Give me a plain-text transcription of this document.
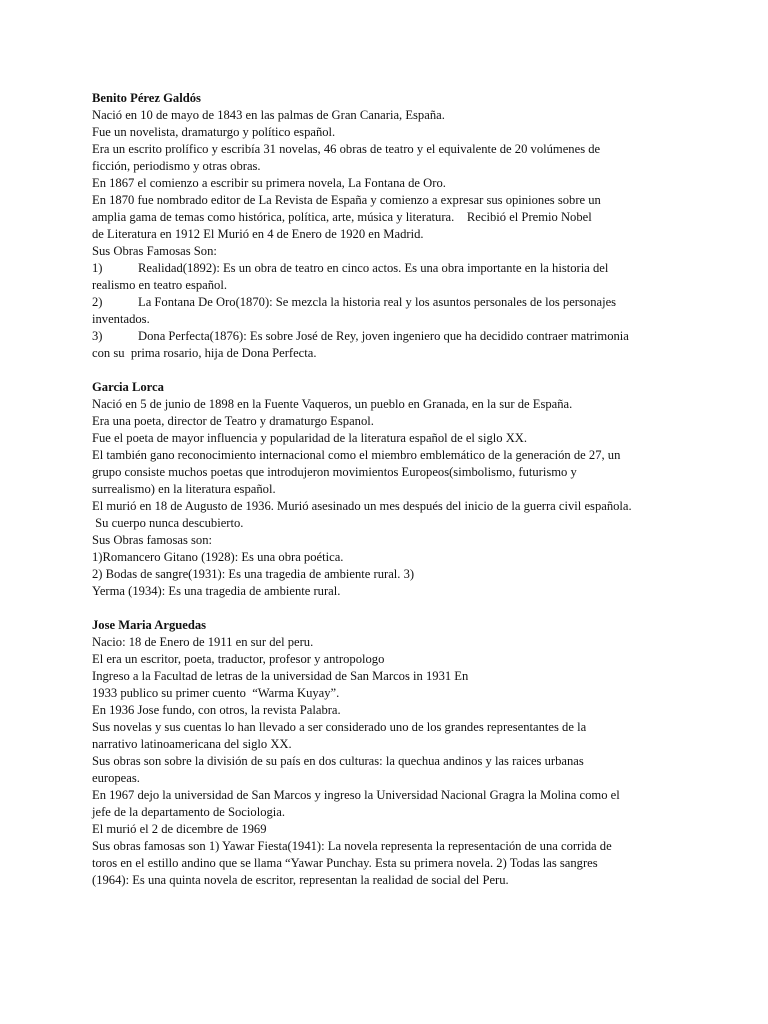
Benito Pérez Galdós
Nació en 10 de mayo de 1843 en las palmas de Gran Canaria, España.
Fue un novelista, dramaturgo y político español.
Era un escrito prolífico y escribía 31 novelas, 46 obras de teatro y el equivalente de 20 volúmenes de
ficción, periodismo y otras obras.
En 1867 el comienzo a escribir su primera novela, La Fontana de Oro.
En 1870 fue nombrado editor de La Revista de España y comienzo a expresar sus opiniones sobre un
amplia gama de temas como histórica, política, arte, música y literatura.    Recibió el Premio Nobel
de Literatura en 1912 El Murió en 4 de Enero de 1920 en Madrid.
Sus Obras Famosas Son:
1)	Realidad(1892): Es un obra de teatro en cinco actos. Es una obra importante en la historia del
realismo en teatro español.
2)	La Fontana De Oro(1870): Se mezcla la historia real y los asuntos personales de los personajes
inventados.
3)	Dona Perfecta(1876): Es sobre José de Rey, joven ingeniero que ha decidido contraer matrimonia
con su  prima rosario, hija de Dona Perfecta.
Garcia Lorca
Nació en 5 de junio de 1898 en la Fuente Vaqueros, un pueblo en Granada, en la sur de España.
Era una poeta, director de Teatro y dramaturgo Espanol.
Fue el poeta de mayor influencia y popularidad de la literatura español de el siglo XX.
El también gano reconocimiento internacional como el miembro emblemático de la generación de 27, un
grupo consiste muchos poetas que introdujeron movimientos Europeos(simbolismo, futurismo y
surrealismo) en la literatura español.
El murió en 18 de Augusto de 1936. Murió asesinado un mes después del inicio de la guerra civil española.
Su cuerpo nunca descubierto.
Sus Obras famosas son:
1)Romancero Gitano (1928): Es una obra poética.
2) Bodas de sangre(1931): Es una tragedia de ambiente rural. 3)
Yerma (1934): Es una tragedia de ambiente rural.
Jose Maria Arguedas
Nacio: 18 de Enero de 1911 en sur del peru.
El era un escritor, poeta, traductor, profesor y antropologo
Ingreso a la Facultad de letras de la universidad de San Marcos in 1931 En
1933 publico su primer cuento  “Warma Kuyay”.
En 1936 Jose fundo, con otros, la revista Palabra.
Sus novelas y sus cuentas lo han llevado a ser considerado uno de los grandes representantes de la
narrativo latinoamericana del siglo XX.
Sus obras son sobre la división de su país en dos culturas: la quechua andinos y las raices urbanas
europeas.
En 1967 dejo la universidad de San Marcos y ingreso la Universidad Nacional Gragra la Molina como el
jefe de la departamento de Sociologia.
El murió el 2 de dicembre de 1969
Sus obras famosas son 1) Yawar Fiesta(1941): La novela representa la representación de una corrida de
toros en el estillo andino que se llama “Yawar Punchay. Esta su primera novela. 2) Todas las sangres
(1964): Es una quinta novela de escritor, representan la realidad de social del Peru.
